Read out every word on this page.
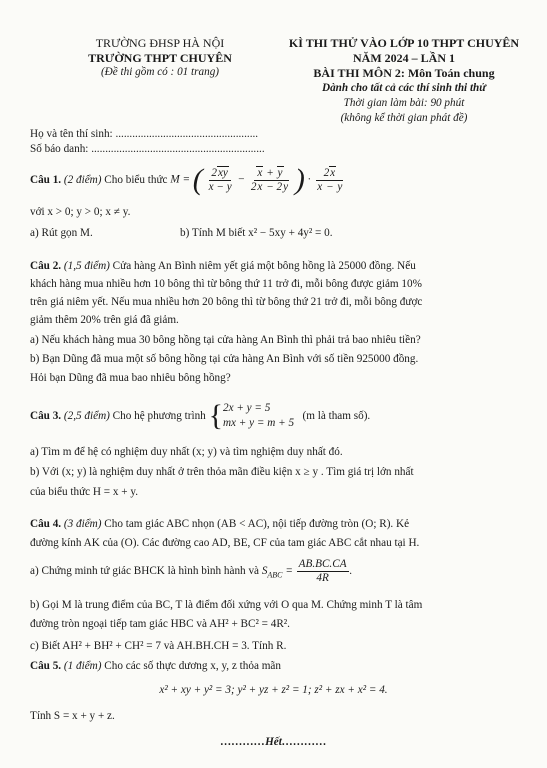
TRƯỜNG ĐHSP HÀ NỘI
TRƯỜNG THPT CHUYÊN
(Đề thi gồm có : 01 trang)
KÌ THI THỬ VÀO LỚP 10 THPT CHUYÊN
NĂM 2024 – LẦN 1
BÀI THI MÔN 2: Môn Toán chung
Dành cho tất cả các thí sinh thi thử
Thời gian làm bài: 90 phút
(không kể thời gian phát đề)
Họ và tên thí sinh: ...................................................
Số báo danh: ..............................................................
Câu 1.
(2 điểm)
Cho biểu thức
M = ( $\frac{2xy}{x - y} - \frac{x + y}{2x - 2y}$ ) · $\frac{2x}{x - y}$
với x > 0; y > 0; x ≠ y.
a) Rút gọn M.	b) Tính M biết x² − 5xy + 4y² = 0.
Câu 2. (1,5 điểm) Cửa hàng An Bình niêm yết giá một bông hồng là 25000 đồng. Nếu
khách hàng mua nhiều hơn 10 bông thì từ bông thứ 11 trở đi, mỗi bông được giảm 10%
trên giá niêm yết. Nếu mua nhiều hơn 20 bông thì từ bông thứ 21 trở đi, mỗi bông được
giảm thêm 20% trên giá đã giảm.
a) Nếu khách hàng mua 30 bông hồng tại cửa hàng An Bình thì phải trả bao nhiêu tiền?
b) Bạn Dũng đã mua một số bông hồng tại cửa hàng An Bình với số tiền 925000 đồng.
Hỏi bạn Dũng đã mua bao nhiêu bông hồng?
Câu 3.
(2,5 điểm)
Cho hệ phương trình
{ 2x + y = 5
mx + y = m + 5

(m là tham số).
a) Tìm m để hệ có nghiệm duy nhất (x; y) và tìm nghiệm duy nhất đó.
b) Với (x; y) là nghiệm duy nhất ở trên thỏa mãn điều kiện x ≥ y . Tìm giá trị lớn nhất
của biểu thức H = x + y.
Câu 4. (3 điểm) Cho tam giác ABC nhọn (AB < AC), nội tiếp đường tròn (O; R). Kẻ
đường kính AK của (O). Các đường cao AD, BE, CF của tam giác ABC cắt nhau tại H.
a) Chứng minh tứ giác BHCK là hình bình hành và
$S_{ABC} = \frac{AB.BC.CA}{4R}$ .
b) Gọi M là trung điểm của BC, T là điểm đối xứng với O qua M. Chứng minh T là tâm
đường tròn ngoại tiếp tam giác HBC và AH² + BC² = 4R².
c) Biết AH² + BH² + CH² = 7 và AH.BH.CH = 3. Tính R.
Câu 5. (1 điểm) Cho các số thực dương x, y, z thỏa mãn
x² + xy + y² = 3; y² + yz + z² = 1; z² + zx + x² = 4.
Tính S = x + y + z.
…………Hết…………
